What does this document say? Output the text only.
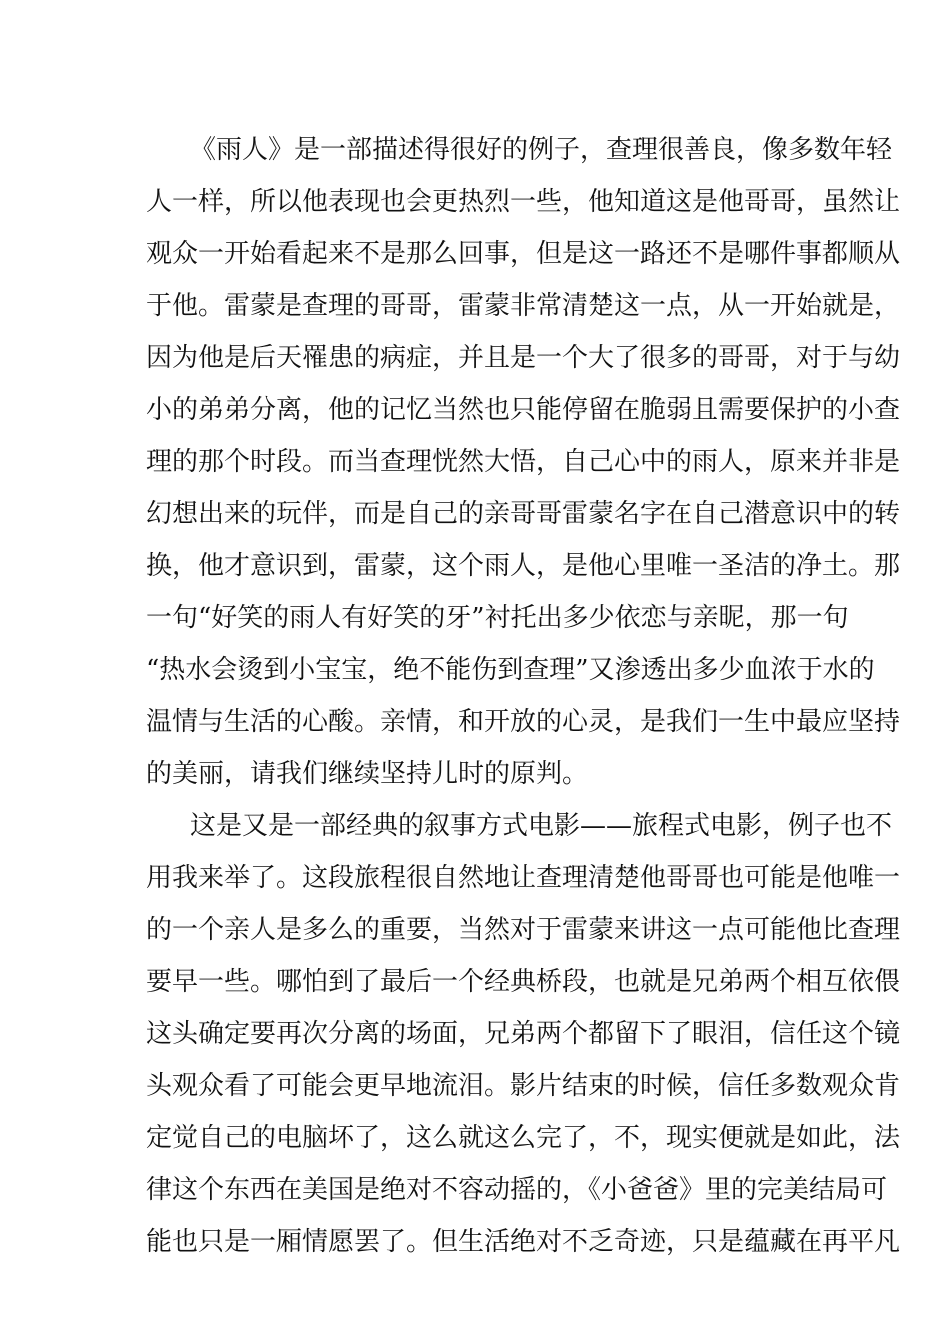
《雨人》是一部描述得很好的例子，查理很善良，像多数年轻
人一样，所以他表现也会更热烈一些，他知道这是他哥哥，虽然让
观众一开始看起来不是那么回事，但是这一路还不是哪件事都顺从
于他。雷蒙是查理的哥哥，雷蒙非常清楚这一点，从一开始就是，
因为他是后天罹患的病症，并且是一个大了很多的哥哥，对于与幼
小的弟弟分离，他的记忆当然也只能停留在脆弱且需要保护的小查
理的那个时段。而当查理恍然大悟，自己心中的雨人，原来并非是
幻想出来的玩伴，而是自己的亲哥哥雷蒙名字在自己潜意识中的转
换，他才意识到，雷蒙，这个雨人，是他心里唯一圣洁的净土。那
一句“好笑的雨人有好笑的牙”衬托出多少依恋与亲昵，那一句
“热水会烫到小宝宝，绝不能伤到查理”又渗透出多少血浓于水的
温情与生活的心酸。亲情，和开放的心灵，是我们一生中最应坚持
的美丽，请我们继续坚持儿时的原判。
这是又是一部经典的叙事方式电影——旅程式电影，例子也不
用我来举了。这段旅程很自然地让查理清楚他哥哥也可能是他唯一
的一个亲人是多么的重要，当然对于雷蒙来讲这一点可能他比查理
要早一些。哪怕到了最后一个经典桥段，也就是兄弟两个相互依偎
这头确定要再次分离的场面，兄弟两个都留下了眼泪，信任这个镜
头观众看了可能会更早地流泪。影片结束的时候，信任多数观众肯
定觉自己的电脑坏了，这么就这么完了，不，现实便就是如此，法
律这个东西在美国是绝对不容动摇的，《小爸爸》里的完美结局可
能也只是一厢情愿罢了。但生活绝对不乏奇迹，只是蕴藏在再平凡
